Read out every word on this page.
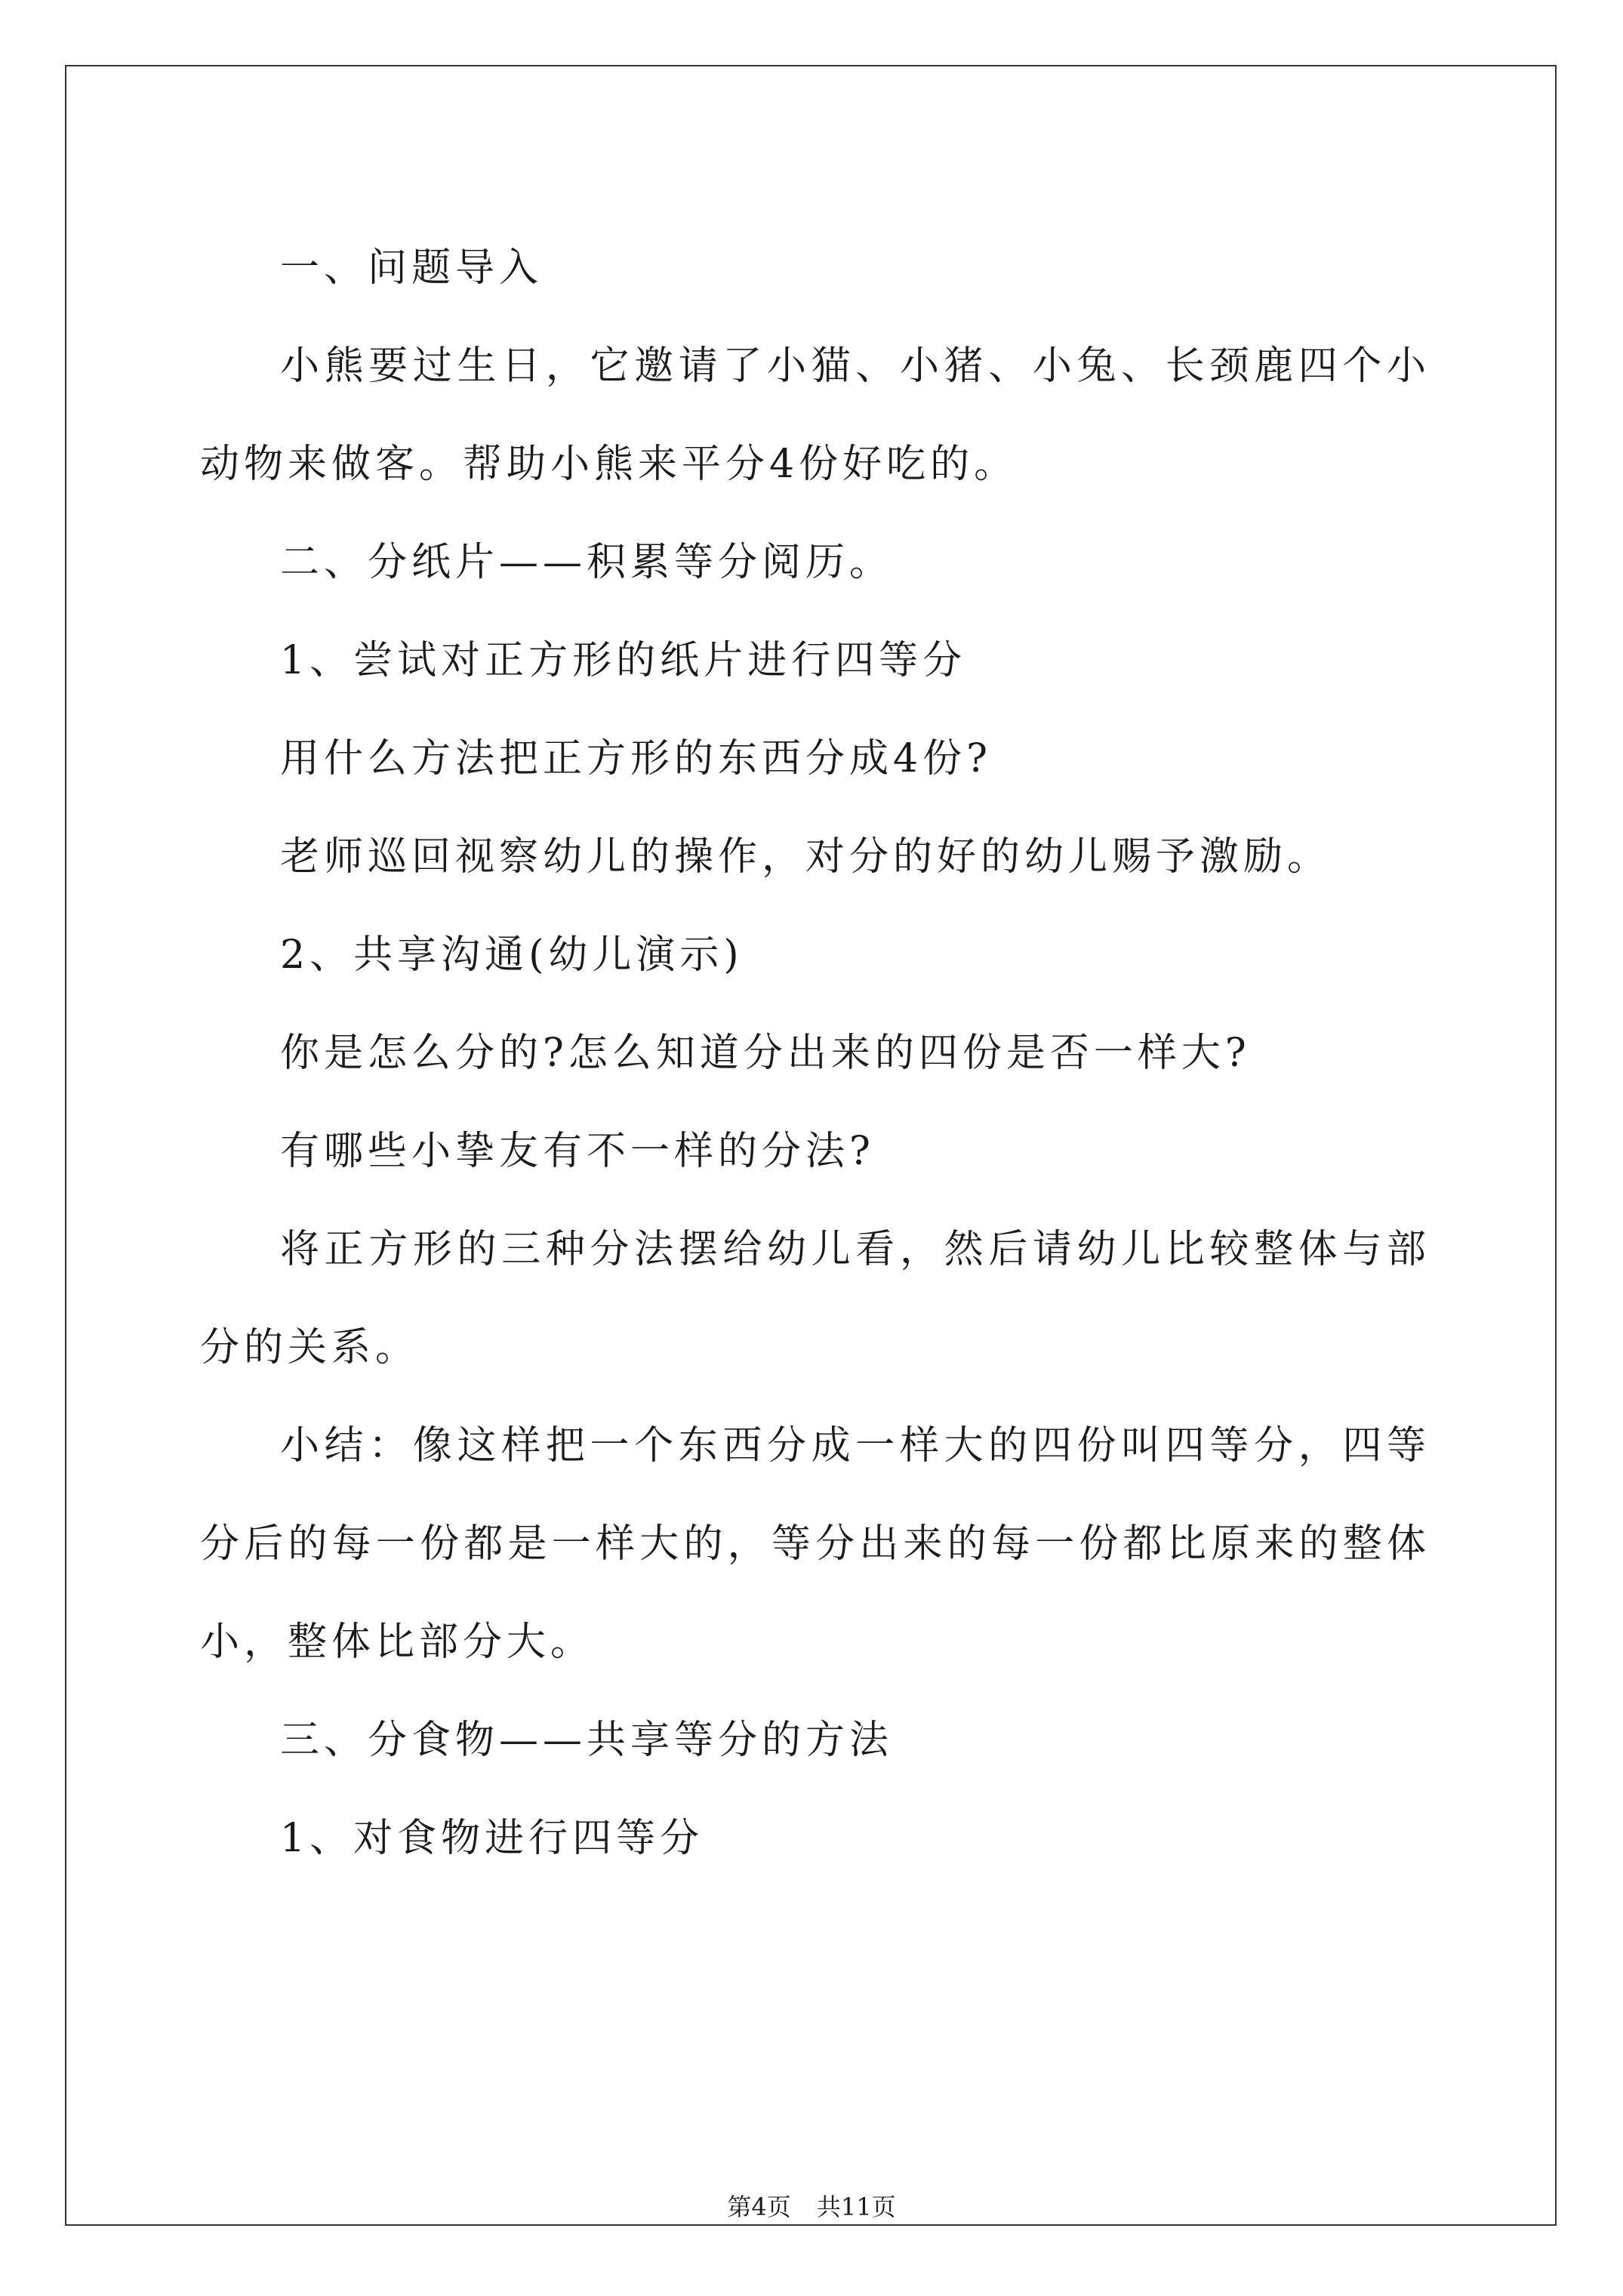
一、问题导入

小熊要过生日，它邀请了小猫、小猪、小兔、长颈鹿四个小动物来做客。帮助小熊来平分4份好吃的。

二、分纸片——积累等分阅历。

1、尝试对正方形的纸片进行四等分

用什么方法把正方形的东西分成4份?

老师巡回视察幼儿的操作，对分的好的幼儿赐予激励。

2、共享沟通(幼儿演示)

你是怎么分的?怎么知道分出来的四份是否一样大?

有哪些小挚友有不一样的分法?

将正方形的三种分法摆给幼儿看，然后请幼儿比较整体与部分的关系。

小结：像这样把一个东西分成一样大的四份叫四等分，四等分后的每一份都是一样大的，等分出来的每一份都比原来的整体小，整体比部分大。

三、分食物——共享等分的方法

1、对食物进行四等分

第4页 共11页
